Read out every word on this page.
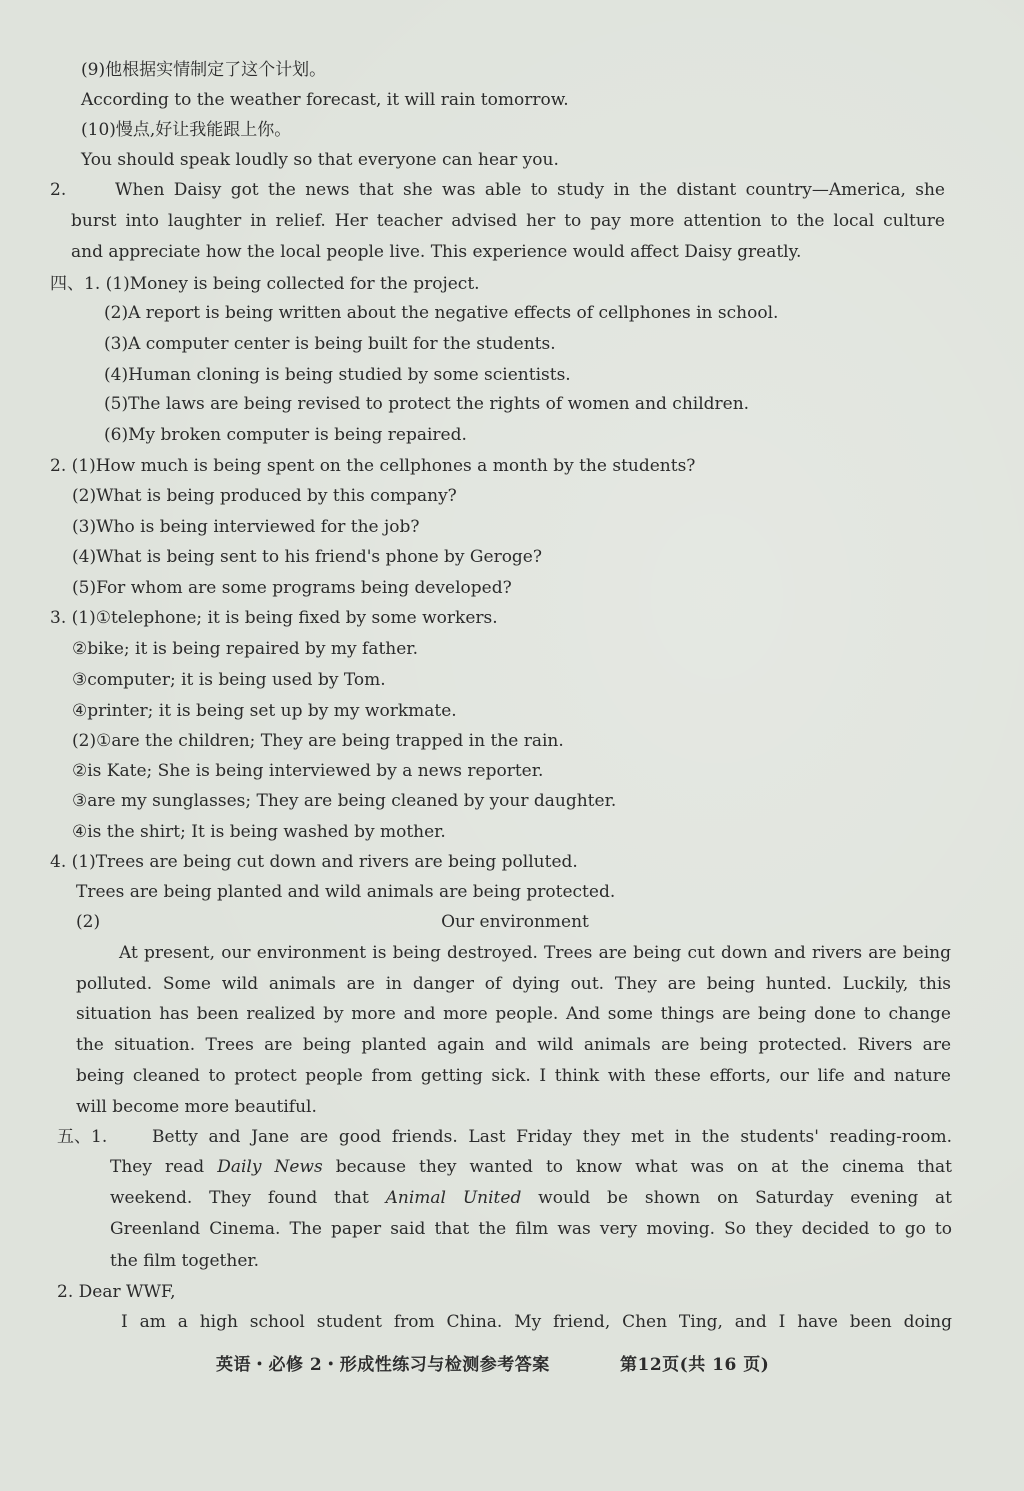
(9)他根据实情制定了这个计划。
According to the weather forecast, it will rain tomorrow.
(10)慢点,好让我能跟上你。
You should speak loudly so that everyone can hear you.
2.	When Daisy got the news that she was able to study in the distant country—America, she
burst into laughter in relief. Her teacher advised her to pay more attention to the local culture
and appreciate how the local people live. This experience would affect Daisy greatly.
四、1. (1)Money is being collected for the project.
(2)A report is being written about the negative effects of cellphones in school.
(3)A computer center is being built for the students.
(4)Human cloning is being studied by some scientists.
(5)The laws are being revised to protect the rights of women and children.
(6)My broken computer is being repaired.
2. (1)How much is being spent on the cellphones a month by the students?
(2)What is being produced by this company?
(3)Who is being interviewed for the job?
(4)What is being sent to his friend's phone by Geroge?
(5)For whom are some programs being developed?
3. (1)①telephone; it is being fixed by some workers.
②bike; it is being repaired by my father.
③computer; it is being used by Tom.
④printer; it is being set up by my workmate.
(2)①are the children; They are being trapped in the rain.
②is Kate; She is being interviewed by a news reporter.
③are my sunglasses; They are being cleaned by your daughter.
④is the shirt; It is being washed by mother.
4. (1)Trees are being cut down and rivers are being polluted.
Trees are being planted and wild animals are being protected.
(2)	Our environment
At present, our environment is being destroyed. Trees are being cut down and rivers are being
polluted. Some wild animals are in danger of dying out. They are being hunted. Luckily, this
situation has been realized by more and more people. And some things are being done to change
the situation. Trees are being planted again and wild animals are being protected. Rivers are
being cleaned to protect people from getting sick. I think with these efforts, our life and nature
will become more beautiful.
五、1.	Betty and Jane are good friends. Last Friday they met in the students' reading-room.
They read Daily News because they wanted to know what was on at the cinema that
weekend. They found that Animal United would be shown on Saturday evening at
Greenland Cinema. The paper said that the film was very moving. So they decided to go to
the film together.
2. Dear WWF,
I am a high school student from China. My friend, Chen Ting, and I have been doing
英语・必修 2・形成性练习与检测参考答案	第12页(共 16 页)
